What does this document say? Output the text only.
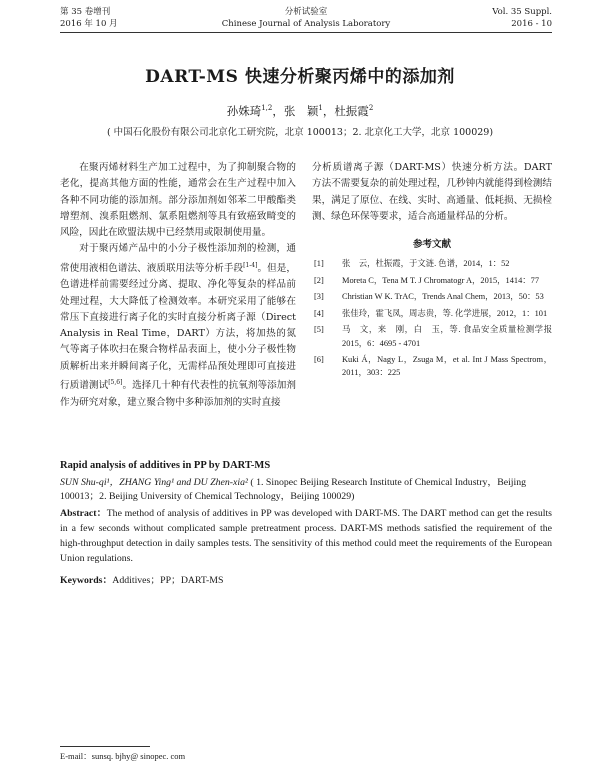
第 35 卷增刊
2016 年 10 月
分析试验室
Chinese Journal of Analysis Laboratory
Vol. 35 Suppl.
2016 - 10
DART-MS 快速分析聚丙烯中的添加剂
孙姝琦$^{1,2}$，张　颖$^1$，杜振霞$^2$
( 中国石化股份有限公司北京化工研究院，北京 100013；2. 北京化工大学，北京 100029)

在聚丙烯材料生产加工过程中，为了抑制聚合物的老化，提高其他方面的性能，通常会在生产过程中加入各种不同功能的添加剂。部分添加剂如邻苯二甲酸酯类增塑剂、溴系阻燃剂、氯系阻燃剂等具有致癌致畸变的风险，因此在欧盟法规中已经禁用或限制使用量。

对于聚丙烯产品中的小分子极性添加剂的检测，通常使用液相色谱法、液质联用法等分析手段[1-4]。但是，色谱进样前需要经过分离、提取、净化等复杂的样品前处理过程，大大降低了检测效率。本研究采用了能够在常压下直接进行离子化的实时直接分析离子源（Direct Analysis in Real Time，DART）方法，将加热的氮气等离子体吹扫在聚合物样品表面上，使小分子极性物质解析出来并瞬间离子化，无需样品预处理即可直接进行质谱测试[5,6]。选择几十种有代表性的抗氧剂等添加剂作为研究对象，建立聚合物中多种添加剂的实时直接

分析质谱离子源（DART-MS）快速分析方法。DART 方法不需要复杂的前处理过程，几秒钟内就能得到检测结果，满足了原位、在线、实时、高通量、低耗损、无损检测、绿色环保等要求，适合高通量样品的分析。

参考文献
[1] 张　云，杜振霞，于文涟. 色谱，2014，1：52
[2] Moreta C，Tena M T. J Chromatogr A，2015，1414：77
[3] Christian W K. TrAC，Trends Anal Chem，2013，50：53
[4] 张佳玲，霍飞凤，周志贵，等. 化学进展，2012，1：101
[5] 马　文，来　刚，白　玉，等. 食品安全质量检测学报 2015，6：4695 - 4701
[6] Kuki Á，Nagy L，Zsuga M，et al. Int J Mass Spectrom，2011，303：225
Rapid analysis of additives in PP by DART-MS
SUN Shu-qi¹，ZHANG Ying¹ and DU Zhen-xia² ( 1. Sinopec Beijing Research Institute of Chemical Industry，Beijing 100013；2. Beijing University of Chemical Technology，Beijing 100029)
Abstract：The method of analysis of additives in PP was developed with DART-MS. The DART method can get the results in a few seconds without complicated sample pretreatment process. DART-MS methods satisfied the requirement of the high-throughput detection in daily samples tests. The sensitivity of this method could meet the requirements of the European Union regulations.
Keywords：Additives；PP；DART-MS
E-mail：sunsq. bjhy@ sinopec. com
